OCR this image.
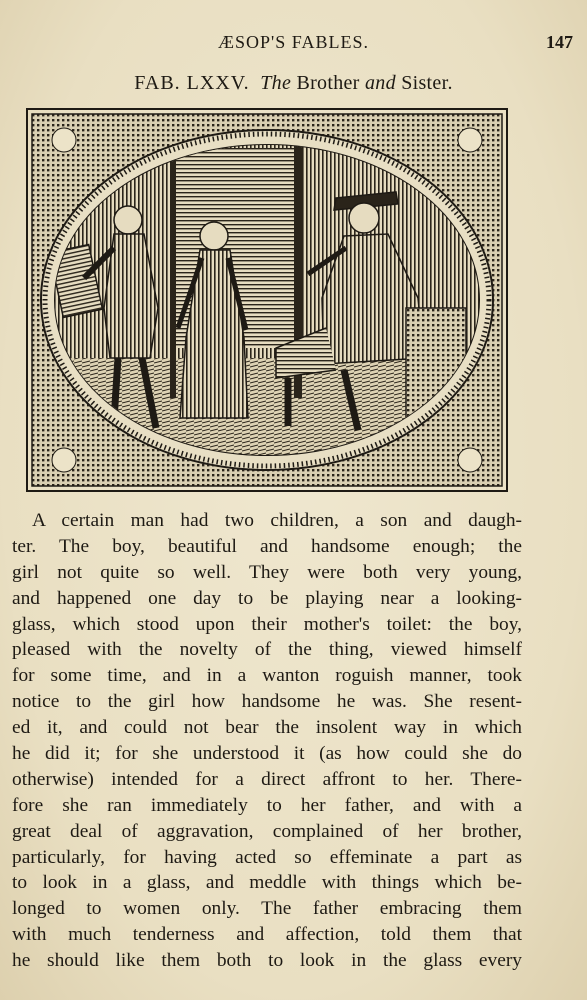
ÆSOP'S FABLES.	147
FAB. LXXV. The Brother and Sister.
A certain man had two children, a son and daugh-
ter. The boy, beautiful and handsome enough; the
girl not quite so well. They were both very young,
and happened one day to be playing near a looking-
glass, which stood upon their mother's toilet: the boy,
pleased with the novelty of the thing, viewed himself
for some time, and in a wanton roguish manner, took
notice to the girl how handsome he was. She resent-
ed it, and could not bear the insolent way in which
he did it; for she understood it (as how could she do
otherwise) intended for a direct affront to her. There-
fore she ran immediately to her father, and with a
great deal of aggravation, complained of her brother,
particularly, for having acted so effeminate a part as
to look in a glass, and meddle with things which be-
longed to women only. The father embracing them
with much tenderness and affection, told them that
he should like them both to look in the glass every
